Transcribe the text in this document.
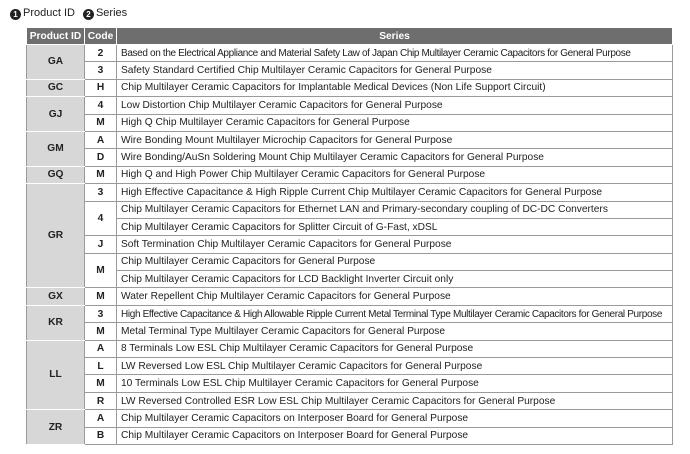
1 Product ID 2 Series
Product ID	Code	Series
GA	2	Based on the Electrical Appliance and Material Safety Law of Japan Chip Multilayer Ceramic Capacitors for General Purpose
	3	Safety Standard Certified Chip Multilayer Ceramic Capacitors for General Purpose
GC	H	Chip Multilayer Ceramic Capacitors for Implantable Medical Devices (Non Life Support Circuit)
GJ	4	Low Distortion Chip Multilayer Ceramic Capacitors for General Purpose
	M	High Q Chip Multilayer Ceramic Capacitors for General Purpose
GM	A	Wire Bonding Mount Multilayer Microchip Capacitors for General Purpose
	D	Wire Bonding/AuSn Soldering Mount Chip Multilayer Ceramic Capacitors for General Purpose
GQ	M	High Q and High Power Chip Multilayer Ceramic Capacitors for General Purpose
GR	3	High Effective Capacitance & High Ripple Current Chip Multilayer Ceramic Capacitors for General Purpose
	4	Chip Multilayer Ceramic Capacitors for Ethernet LAN and Primary-secondary coupling of DC-DC Converters
		Chip Multilayer Ceramic Capacitors for Splitter Circuit of G-Fast, xDSL
	J	Soft Termination Chip Multilayer Ceramic Capacitors for General Purpose
	M	Chip Multilayer Ceramic Capacitors for General Purpose
		Chip Multilayer Ceramic Capacitors for LCD Backlight Inverter Circuit only
GX	M	Water Repellent Chip Multilayer Ceramic Capacitors for General Purpose
KR	3	High Effective Capacitance & High Allowable Ripple Current Metal Terminal Type Multilayer Ceramic Capacitors for General Purpose
	M	Metal Terminal Type Multilayer Ceramic Capacitors for General Purpose
LL	A	8 Terminals Low ESL Chip Multilayer Ceramic Capacitors for General Purpose
	L	LW Reversed Low ESL Chip Multilayer Ceramic Capacitors for General Purpose
	M	10 Terminals Low ESL Chip Multilayer Ceramic Capacitors for General Purpose
	R	LW Reversed Controlled ESR Low ESL Chip Multilayer Ceramic Capacitors for General Purpose
ZR	A	Chip Multilayer Ceramic Capacitors on Interposer Board for General Purpose
	B	Chip Multilayer Ceramic Capacitors on Interposer Board for General Purpose
